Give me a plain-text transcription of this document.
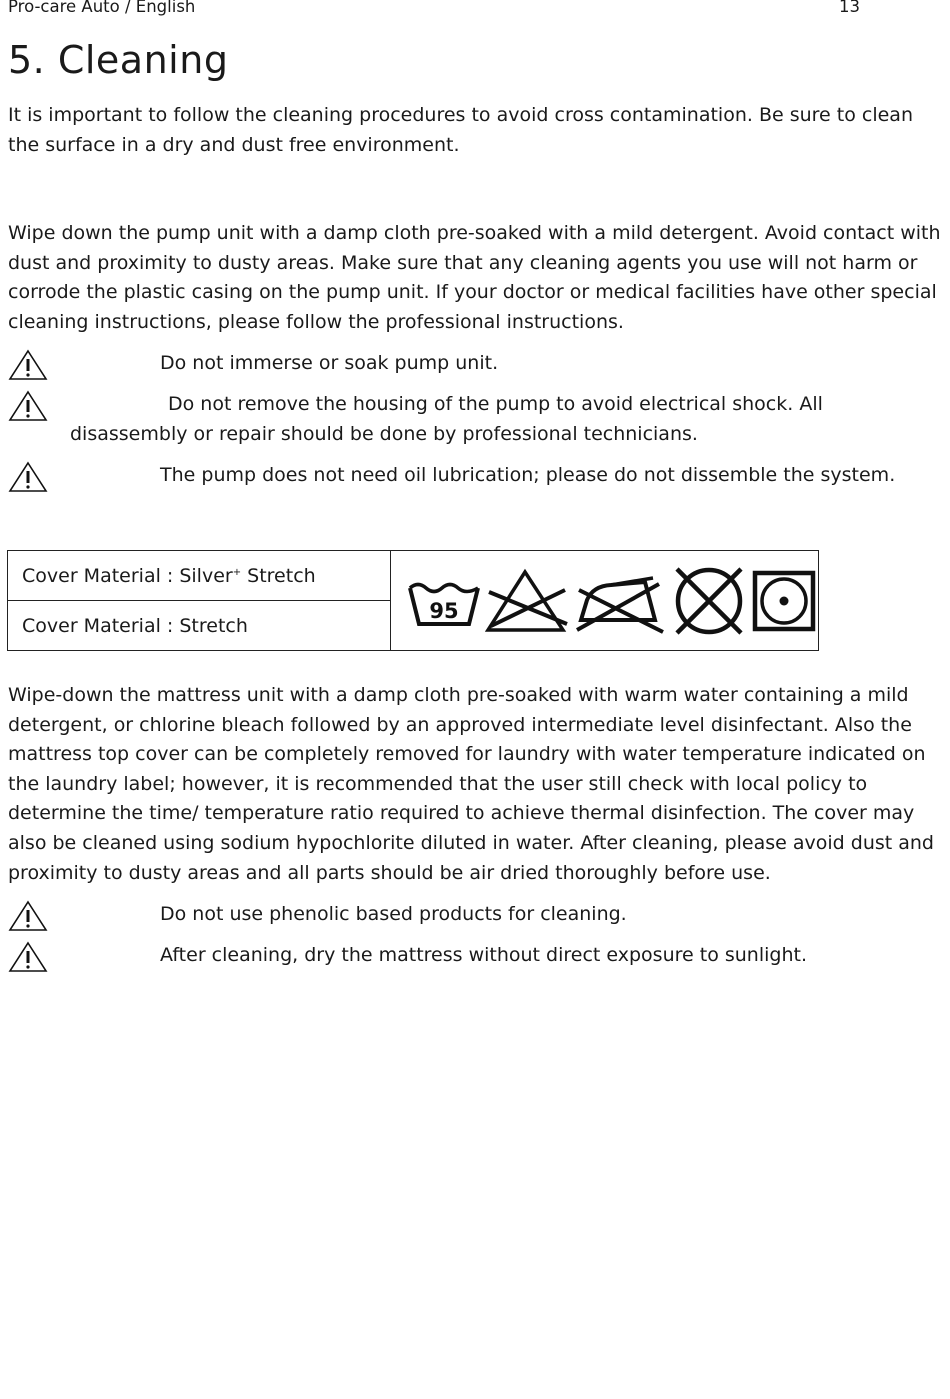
Pro-care Auto / English	13
5. Cleaning

It is important to follow the cleaning procedures to avoid cross contamination. Be sure to clean the surface in a dry and dust free environment.

Wipe down the pump unit with a damp cloth pre-soaked with a mild detergent. Avoid contact with dust and proximity to dusty areas. Make sure that any cleaning agents you use will not harm or corrode the plastic casing on the pump unit. If your doctor or medical facilities have other special cleaning instructions, please follow the professional instructions.

Do not immerse or soak pump unit.
Do not remove the housing of the pump to avoid electrical shock. All
disassembly or repair should be done by professional technicians.
The pump does not need oil lubrication; please do not dissemble the system.
Cover Material : Silver+ Stretch	
95

Cover Material : Stretch

Wipe-down the mattress unit with a damp cloth pre-soaked with warm water containing a mild detergent, or chlorine bleach followed by an approved intermediate level disinfectant. Also the mattress top cover can be completely removed for laundry with water temperature indicated on the laundry label; however, it is recommended that the user still check with local policy to determine the time/ temperature ratio required to achieve thermal disinfection. The cover may also be cleaned using sodium hypochlorite diluted in water. After cleaning, please avoid dust and proximity to dusty areas and all parts should be air dried thoroughly before use.

Do not use phenolic based products for cleaning.
After cleaning, dry the mattress without direct exposure to sunlight.
